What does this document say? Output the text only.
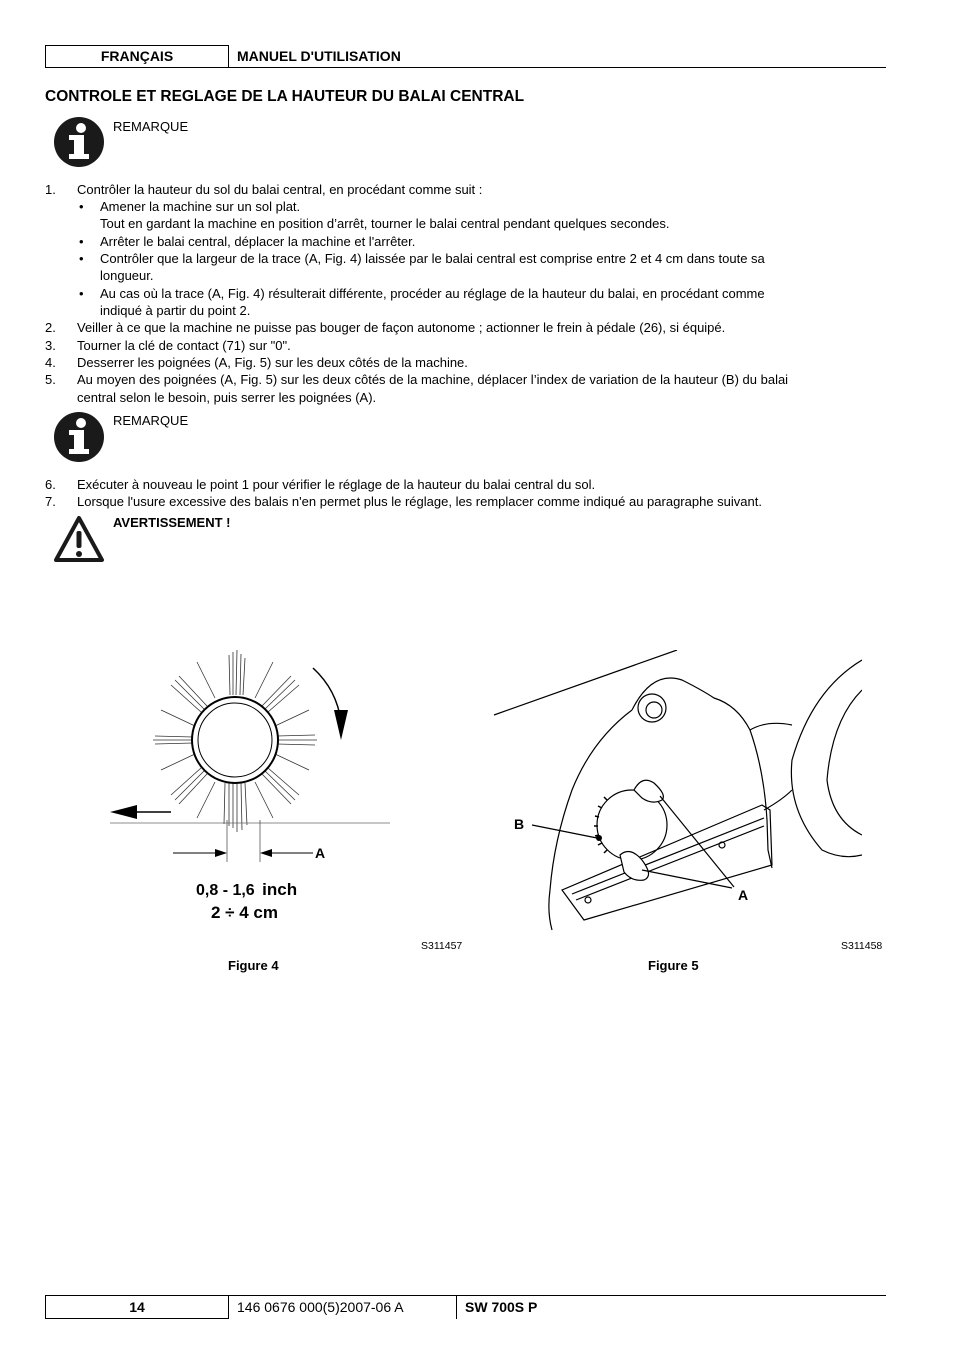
FRANÇAIS	MANUEL D'UTILISATION
CONTROLE ET REGLAGE DE LA HAUTEUR DU BALAI CENTRAL
REMARQUE
1. Contrôler la hauteur du sol du balai central, en procédant comme suit :
• Amener la machine sur un sol plat.
Tout en gardant la machine en position d’arrêt, tourner le balai central pendant quelques secondes.
• Arrêter le balai central, déplacer la machine et l'arrêter.
• Contrôler que la largeur de la trace (A, Fig. 4) laissée par le balai central est comprise entre 2 et 4 cm dans toute sa
longueur.
• Au cas où la trace (A, Fig. 4) résulterait différente, procéder au réglage de la hauteur du balai, en procédant comme
indiqué à partir du point 2.
2. Veiller à ce que la machine ne puisse pas bouger de façon autonome ; actionner le frein à pédale (26), si équipé.
3. Tourner la clé de contact (71) sur "0".
4. Desserrer les poignées (A, Fig. 5) sur les deux côtés de la machine.
5. Au moyen des poignées (A, Fig. 5) sur les deux côtés de la machine, déplacer l’index de variation de la hauteur (B) du balai
central selon le besoin, puis serrer les poignées (A).
REMARQUE
6. Exécuter à nouveau le point 1 pour vérifier le réglage de la hauteur du balai central du sol.
7. Lorsque l'usure excessive des balais n'en permet plus le réglage, les remplacer comme indiqué au paragraphe suivant.
AVERTISSEMENT !
A
0,8 - 1,6 inch
2 ÷ 4 cm
S311457
Figure 4
B
A
S311458
Figure 5
14	146 0676 000(5)2007-06 A	SW 700S P
